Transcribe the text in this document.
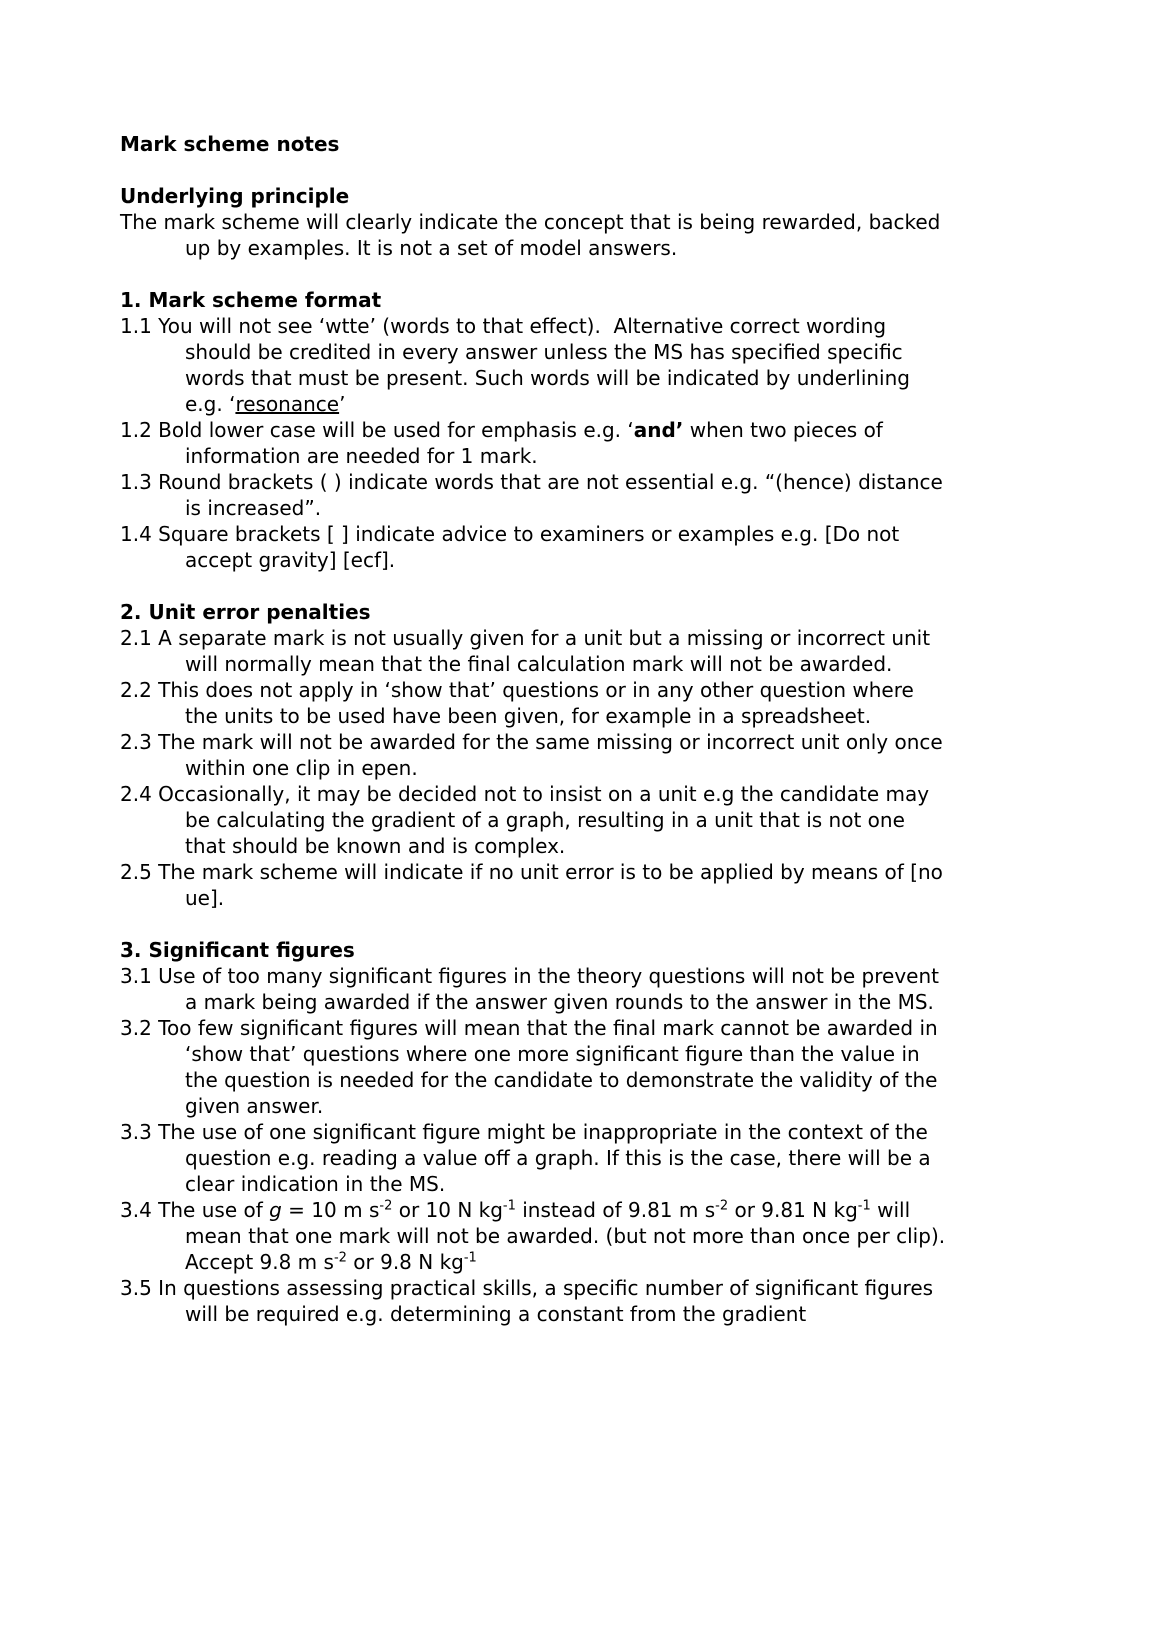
Mark scheme notes
Underlying principle

The mark scheme will clearly indicate the concept that is being rewarded, backed up by examples. It is not a set of model answers.

1. Mark scheme format

1.1 You will not see ‘wtte’ (words to that effect).  Alternative correct wording should be credited in every answer unless the MS has specified specific words that must be present. Such words will be indicated by underlining e.g. ‘resonance’

1.2 Bold lower case will be used for emphasis e.g. ‘and’ when two pieces of information are needed for 1 mark.

1.3 Round brackets ( ) indicate words that are not essential e.g. “(hence) distance is increased”.

1.4 Square brackets [ ] indicate advice to examiners or examples e.g. [Do not accept gravity] [ecf].

2. Unit error penalties

2.1 A separate mark is not usually given for a unit but a missing or incorrect unit will normally mean that the final calculation mark will not be awarded.

2.2 This does not apply in ‘show that’ questions or in any other question where the units to be used have been given, for example in a spreadsheet.

2.3 The mark will not be awarded for the same missing or incorrect unit only once within one clip in epen.

2.4 Occasionally, it may be decided not to insist on a unit e.g the candidate may be calculating the gradient of a graph, resulting in a unit that is not one that should be known and is complex.

2.5 The mark scheme will indicate if no unit error is to be applied by means of [no ue].

3. Significant figures

3.1 Use of too many significant figures in the theory questions will not be prevent a mark being awarded if the answer given rounds to the answer in the MS.

3.2 Too few significant figures will mean that the final mark cannot be awarded in ‘show that’ questions where one more significant figure than the value in the question is needed for the candidate to demonstrate the validity of the given answer.

3.3 The use of one significant figure might be inappropriate in the context of the question e.g. reading a value off a graph. If this is the case, there will be a clear indication in the MS.

3.4 The use of g = 10 m $s^{-2}$ or 10 N $kg^{-1}$ instead of 9.81 m $s^{-2}$ or 9.81 N $kg^{-1}$ will mean that one mark will not be awarded. (but not more than once per clip). Accept 9.8 m $s^{-2}$ or 9.8 N $kg^{-1}$

3.5 In questions assessing practical skills, a specific number of significant figures will be required e.g. determining a constant from the gradient
